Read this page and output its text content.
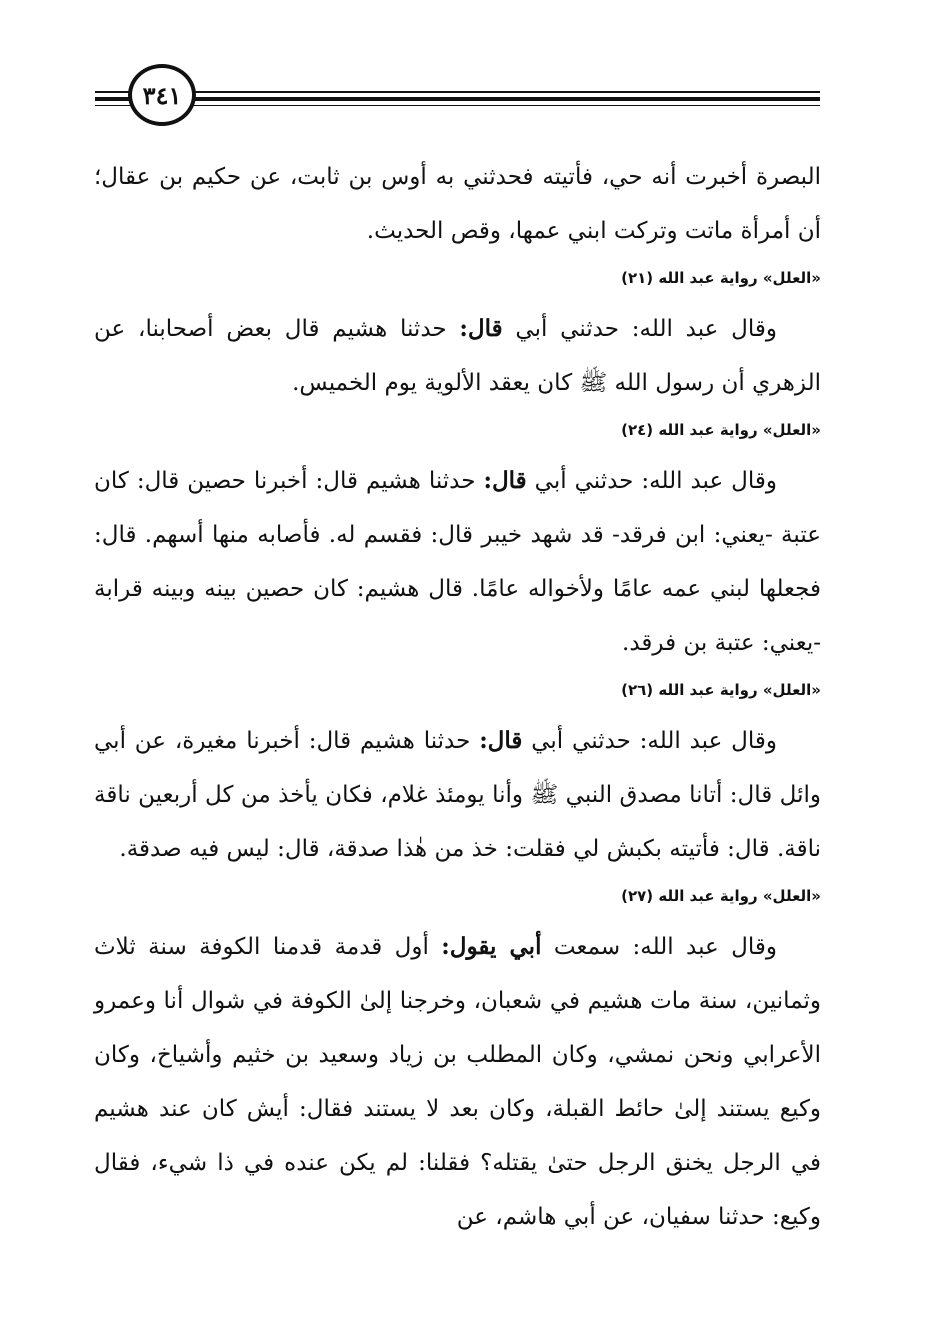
٣٤١

البصرة أخبرت أنه حي، فأتيته فحدثني به أوس بن ثابت، عن حكيم بن عقال؛ أن أمرأة ماتت وتركت ابني عمها، وقص الحديث.

«العلل» رواية عبد الله (٢١)

وقال عبد الله: حدثني أبي قال: حدثنا هشيم قال بعض أصحابنا، عن الزهري أن رسول الله ﷺ كان يعقد الألوية يوم الخميس.

«العلل» رواية عبد الله (٢٤)

وقال عبد الله: حدثني أبي قال: حدثنا هشيم قال: أخبرنا حصين قال: كان عتبة -يعني: ابن فرقد- قد شهد خيبر قال: فقسم له. فأصابه منها أسهم. قال: فجعلها لبني عمه عامًا ولأخواله عامًا. قال هشيم: كان حصين بينه وبينه قرابة -يعني: عتبة بن فرقد.

«العلل» رواية عبد الله (٢٦)

وقال عبد الله: حدثني أبي قال: حدثنا هشيم قال: أخبرنا مغيرة، عن أبي وائل قال: أتانا مصدق النبي ﷺ وأنا يومئذ غلام، فكان يأخذ من كل أربعين ناقة ناقة. قال: فأتيته بكبش لي فقلت: خذ من هٰذا صدقة، قال: ليس فيه صدقة.

«العلل» رواية عبد الله (٢٧)

وقال عبد الله: سمعت أبي يقول: أول قدمة قدمنا الكوفة سنة ثلاث وثمانين، سنة مات هشيم في شعبان، وخرجنا إلىٰ الكوفة في شوال أنا وعمرو الأعرابي ونحن نمشي، وكان المطلب بن زياد وسعيد بن خثيم وأشياخ، وكان وكيع يستند إلىٰ حائط القبلة، وكان بعد لا يستند فقال: أيش كان عند هشيم في الرجل يخنق الرجل حتىٰ يقتله؟ فقلنا: لم يكن عنده في ذا شيء، فقال وكيع: حدثنا سفيان، عن أبي هاشم، عن
